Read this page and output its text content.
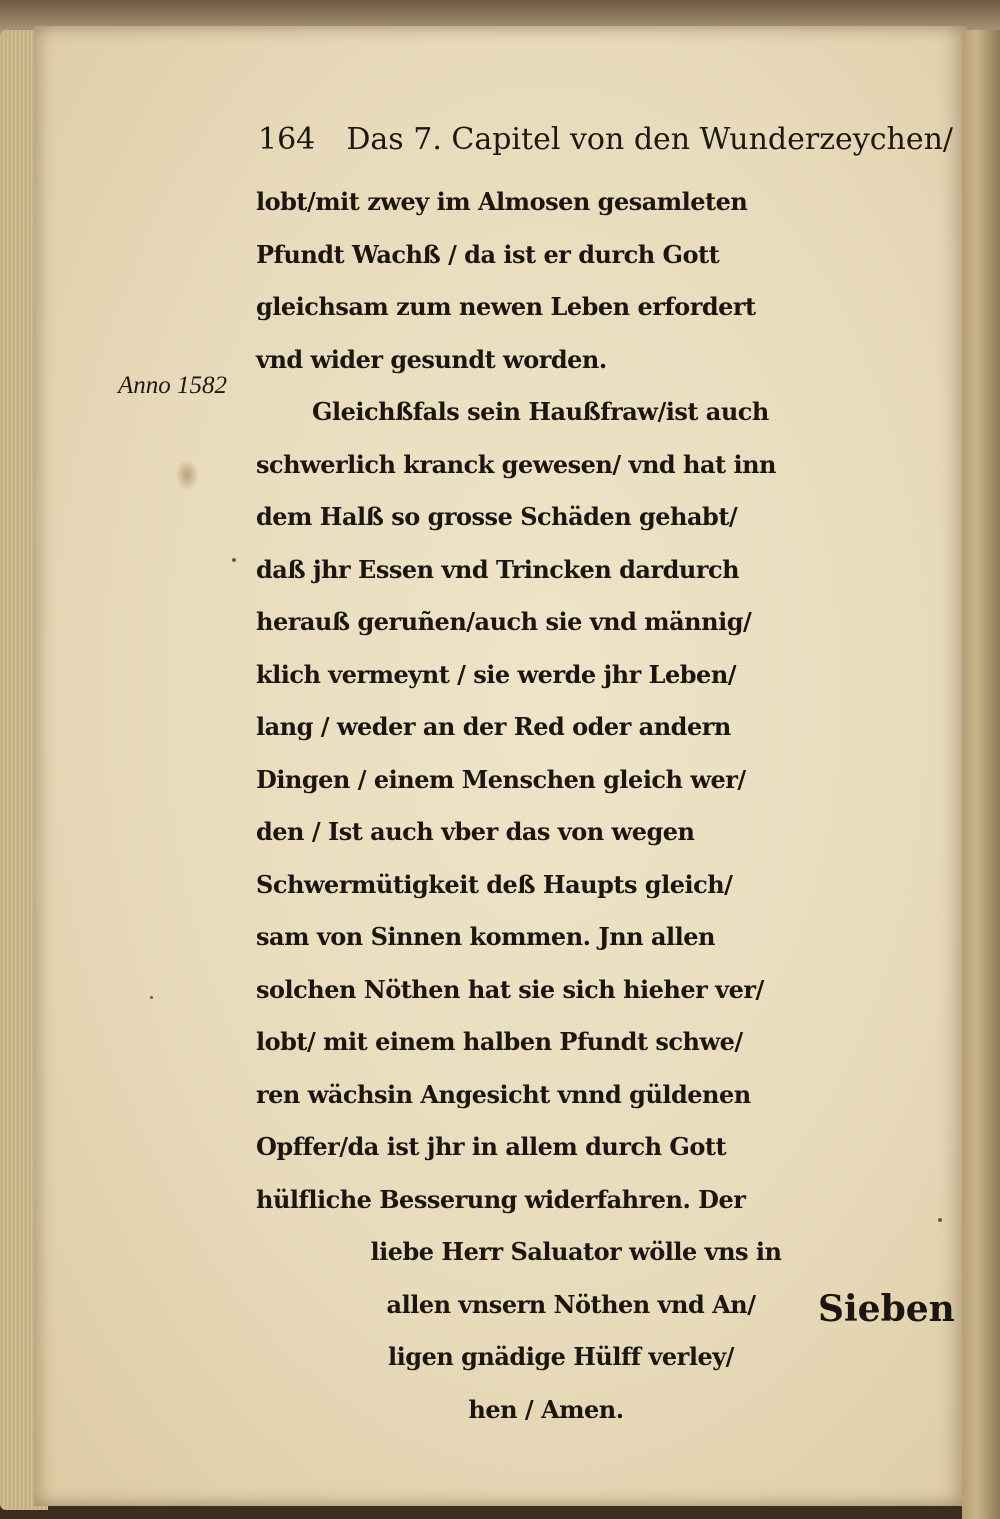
164 Das 7. Capitel von den Wunderzeychen/
Anno 1582
lobt/mit zwey im Almosen gesamleten
Pfundt Wachß / da ist er durch Gott
gleichsam zum newen Leben erfordert
vnd wider gesundt worden.
Gleichßfals sein Haußfraw/ist auch
schwerlich kranck gewesen/ vnd hat inn
dem Halß so grosse Schäden gehabt/
daß jhr Essen vnd Trincken dardurch
herauß geruñen/auch sie vnd männig/
klich vermeynt / sie werde jhr Leben/
lang / weder an der Red oder andern
Dingen / einem Menschen gleich wer/
den / Ist auch vber das von wegen
Schwermütigkeit deß Haupts gleich/
sam von Sinnen kommen. Jnn allen
solchen Nöthen hat sie sich hieher ver/
lobt/ mit einem halben Pfundt schwe/
ren wächsin Angesicht vnnd güldenen
Opffer/da ist jhr in allem durch Gott
hülfliche Besserung widerfahren. Der
liebe Herr Saluator wölle vns in
allen vnsern Nöthen vnd An/
ligen gnädige Hülff verley/
hen / Amen.
Sieben
